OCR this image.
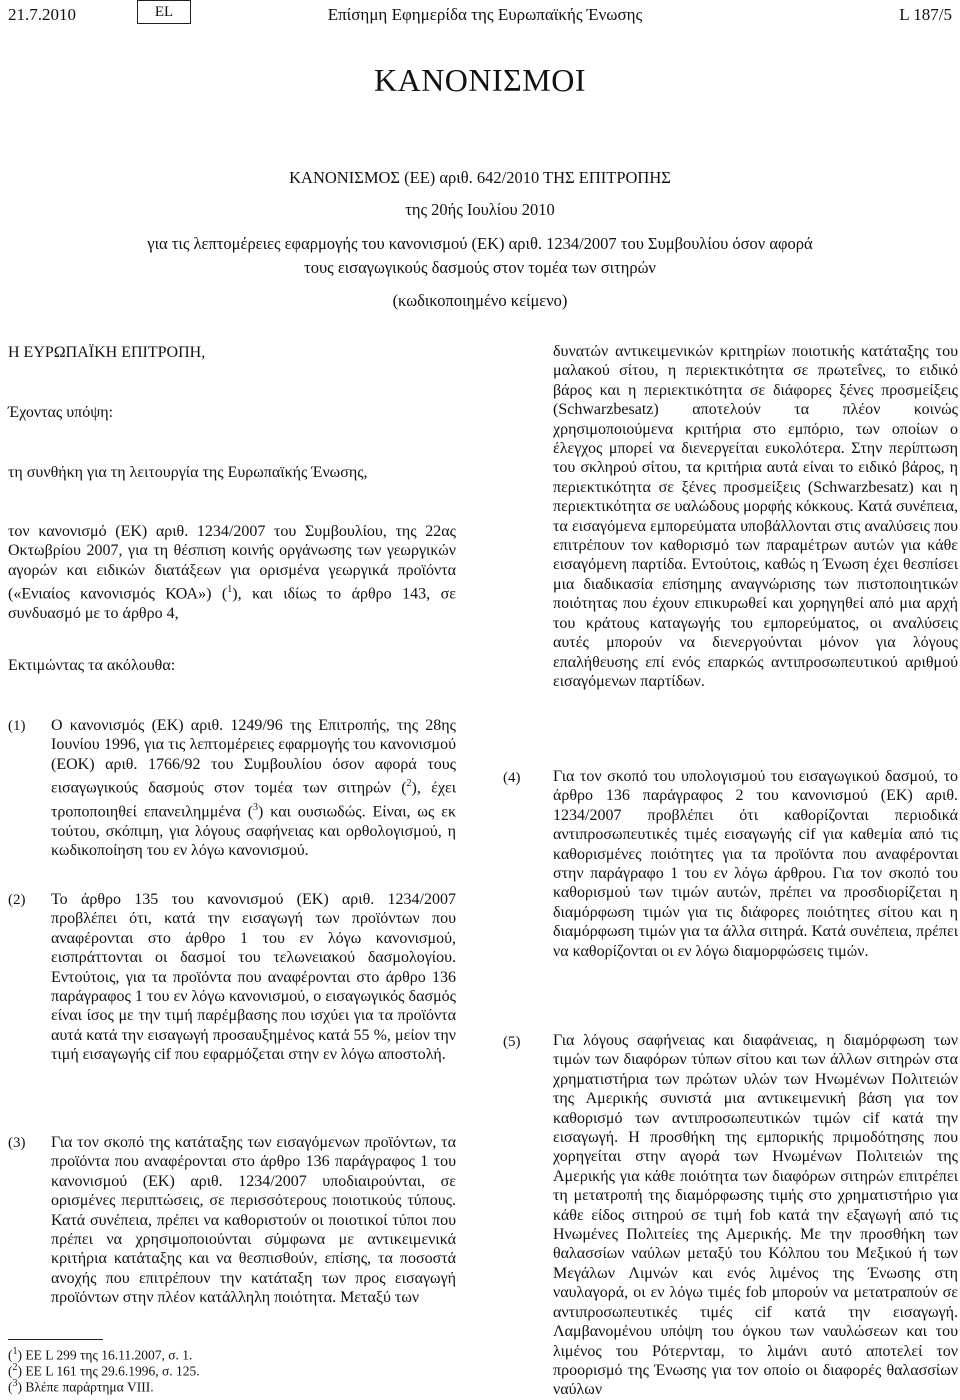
21.7.2010	EL	Επίσημη Εφημερίδα της Ευρωπαϊκής Ένωσης	L 187/5
ΚΑΝΟΝΙΣΜΟΙ
ΚΑΝΟΝΙΣΜΟΣ (ΕΕ) αριθ. 642/2010 ΤΗΣ ΕΠΙΤΡΟΠΗΣ
της 20ής Ιουλίου 2010
για τις λεπτομέρειες εφαρμογής του κανονισμού (ΕΚ) αριθ. 1234/2007 του Συμβουλίου όσον αφορά
τους εισαγωγικούς δασμούς στον τομέα των σιτηρών
(κωδικοποιημένο κείμενο)
Η ΕΥΡΩΠΑΪΚΗ ΕΠΙΤΡΟΠΗ,
Έχοντας υπόψη:
τη συνθήκη για τη λειτουργία της Ευρωπαϊκής Ένωσης,
τον κανονισμό (ΕΚ) αριθ. 1234/2007 του Συμβουλίου, της 22ας Οκτωβρίου 2007, για τη θέσπιση κοινής οργάνωσης των γεωργικών αγορών και ειδικών διατάξεων για ορισμένα γεωργικά προϊόντα («Ενιαίος κανονισμός ΚΟΑ») ($^1$), και ιδίως το άρθρο 143, σε συνδυασμό με το άρθρο 4,
Εκτιμώντας τα ακόλουθα:
(1) Ο κανονισμός (ΕΚ) αριθ. 1249/96 της Επιτροπής, της 28ης Ιουνίου 1996, για τις λεπτομέρειες εφαρμογής του κανονισμού (ΕΟΚ) αριθ. 1766/92 του Συμβουλίου όσον αφορά τους εισαγωγικούς δασμούς στον τομέα των σιτηρών ($^2$), έχει τροποποιηθεί επανειλημμένα ($^3$) και ουσιωδώς. Είναι, ως εκ τούτου, σκόπιμη, για λόγους σαφήνειας και ορθολογισμού, η κωδικοποίηση του εν λόγω κανονισμού.
(2) Το άρθρο 135 του κανονισμού (ΕΚ) αριθ. 1234/2007 προβλέπει ότι, κατά την εισαγωγή των προϊόντων που αναφέρονται στο άρθρο 1 του εν λόγω κανονισμού, εισπράττονται οι δασμοί του τελωνειακού δασμολογίου. Εντούτοις, για τα προϊόντα που αναφέρονται στο άρθρο 136 παράγραφος 1 του εν λόγω κανονισμού, ο εισαγωγικός δασμός είναι ίσος με την τιμή παρέμβασης που ισχύει για τα προϊόντα αυτά κατά την εισαγωγή προσαυξημένος κατά 55 %, μείον την τιμή εισαγωγής cif που εφαρμόζεται στην εν λόγω αποστολή.
(3) Για τον σκοπό της κατάταξης των εισαγόμενων προϊόντων, τα προϊόντα που αναφέρονται στο άρθρο 136 παράγραφος 1 του κανονισμού (ΕΚ) αριθ. 1234/2007 υποδιαιρούνται, σε ορισμένες περιπτώσεις, σε περισσότερους ποιοτικούς τύπους. Κατά συνέπεια, πρέπει να καθοριστούν οι ποιοτικοί τύποι που πρέπει να χρησιμοποιούνται σύμφωνα με αντικειμενικά κριτήρια κατάταξης και να θεσπισθούν, επίσης, τα ποσοστά ανοχής που επιτρέπουν την κατάταξη των προς εισαγωγή προϊόντων στην πλέον κατάλληλη ποιότητα. Μεταξύ των
($^1$) ΕΕ L 299 της 16.11.2007, σ. 1.
($^2$) ΕΕ L 161 της 29.6.1996, σ. 125.
($^3$) Βλέπε παράρτημα VIII.
δυνατών αντικειμενικών κριτηρίων ποιοτικής κατάταξης του μαλακού σίτου, η περιεκτικότητα σε πρωτεΐνες, το ειδικό βάρος και η περιεκτικότητα σε διάφορες ξένες προσμείξεις (Schwarzbesatz) αποτελούν τα πλέον κοινώς χρησιμοποιούμενα κριτήρια στο εμπόριο, των οποίων ο έλεγχος μπορεί να διενεργείται ευκολότερα. Στην περίπτωση του σκληρού σίτου, τα κριτήρια αυτά είναι το ειδικό βάρος, η περιεκτικότητα σε ξένες προσμείξεις (Schwarzbesatz) και η περιεκτικότητα σε υαλώδους μορφής κόκκους. Κατά συνέπεια, τα εισαγόμενα εμπορεύματα υποβάλλονται στις αναλύσεις που επιτρέπουν τον καθορισμό των παραμέτρων αυτών για κάθε εισαγόμενη παρτίδα. Εντούτοις, καθώς η Ένωση έχει θεσπίσει μια διαδικασία επίσημης αναγνώρισης των πιστοποιητικών ποιότητας που έχουν επικυρωθεί και χορηγηθεί από μια αρχή του κράτους καταγωγής του εμπορεύματος, οι αναλύσεις αυτές μπορούν να διενεργούνται μόνον για λόγους επαλήθευσης επί ενός επαρκώς αντιπροσωπευτικού αριθμού εισαγόμενων παρτίδων.
(4) Για τον σκοπό του υπολογισμού του εισαγωγικού δασμού, το άρθρο 136 παράγραφος 2 του κανονισμού (ΕΚ) αριθ. 1234/2007 προβλέπει ότι καθορίζονται περιοδικά αντιπροσωπευτικές τιμές εισαγωγής cif για καθεμία από τις καθορισμένες ποιότητες για τα προϊόντα που αναφέρονται στην παράγραφο 1 του εν λόγω άρθρου. Για τον σκοπό του καθορισμού των τιμών αυτών, πρέπει να προσδιορίζεται η διαμόρφωση τιμών για τις διάφορες ποιότητες σίτου και η διαμόρφωση τιμών για τα άλλα σιτηρά. Κατά συνέπεια, πρέπει να καθορίζονται οι εν λόγω διαμορφώσεις τιμών.
(5) Για λόγους σαφήνειας και διαφάνειας, η διαμόρφωση των τιμών των διαφόρων τύπων σίτου και των άλλων σιτηρών στα χρηματιστήρια των πρώτων υλών των Ηνωμένων Πολιτειών της Αμερικής συνιστά μια αντικειμενική βάση για τον καθορισμό των αντιπροσωπευτικών τιμών cif κατά την εισαγωγή. Η προσθήκη της εμπορικής πριμοδότησης που χορηγείται στην αγορά των Ηνωμένων Πολιτειών της Αμερικής για κάθε ποιότητα των διαφόρων σιτηρών επιτρέπει τη μετατροπή της διαμόρφωσης τιμής στο χρηματιστήριο για κάθε είδος σιτηρού σε τιμή fob κατά την εξαγωγή από τις Ηνωμένες Πολιτείες της Αμερικής. Με την προσθήκη των θαλασσίων ναύλων μεταξύ του Κόλπου του Μεξικού ή των Μεγάλων Λιμνών και ενός λιμένος της Ένωσης στη ναυλαγορά, οι εν λόγω τιμές fob μπορούν να μετατραπούν σε αντιπροσωπευτικές τιμές cif κατά την εισαγωγή. Λαμβανομένου υπόψη του όγκου των ναυλώσεων και του λιμένος του Ρότερνταμ, το λιμάνι αυτό αποτελεί τον προορισμό της Ένωσης για τον οποίο οι διαφορές θαλασσίων ναύλων
